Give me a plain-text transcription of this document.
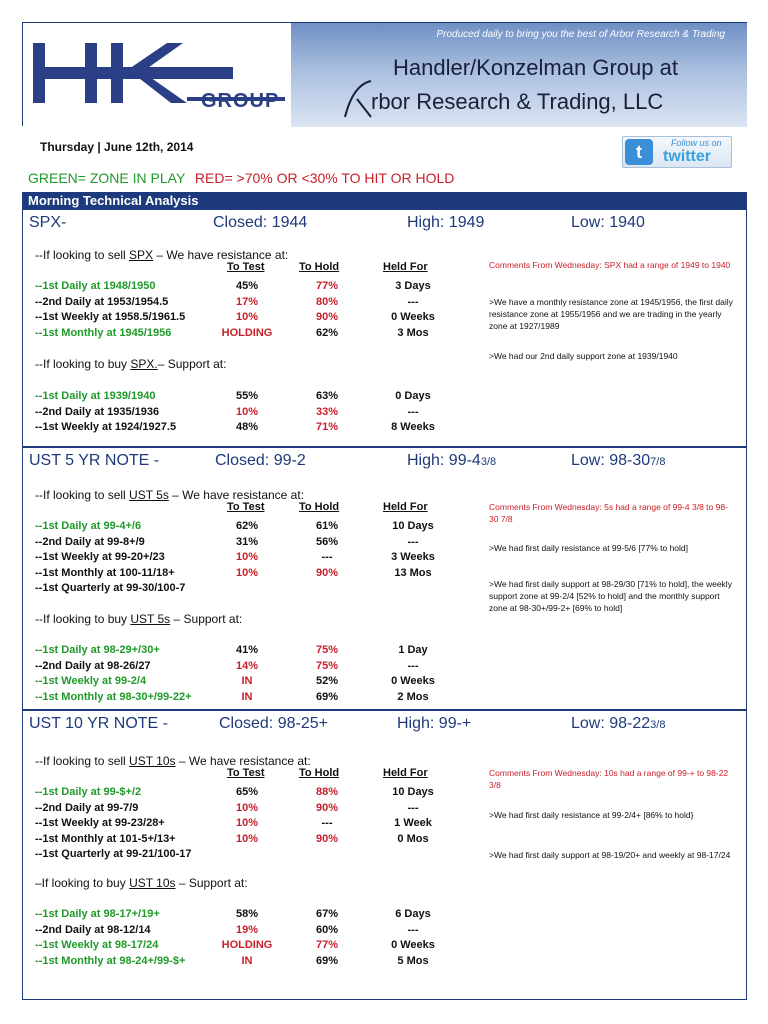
GROUP
Produced daily to bring you the best of Arbor Research & Trading
Handler/Konzelman Group at
rbor Research & Trading, LLC
Thursday | June 12th, 2014	t	Follow us on
twitter
GREEN= ZONE IN PLAY RED= >70% OR <30% TO HIT OR HOLD
Morning Technical Analysis
SPX-	Closed: 1944	High: 1949	Low: 1940
--If looking to sell SPX – We have resistance at:
To Test	To Hold	Held For
--1st Daily at 1948/1950	45%	77%	3 Days
--2nd Daily at 1953/1954.5	17%	80%	---
--1st Weekly at 1958.5/1961.5	10%	90%	0 Weeks
--1st Monthly at 1945/1956	HOLDING	62%	3 Mos
--If looking to buy SPX.– Support at:
--1st Daily at 1939/1940	55%	63%	0 Days
--2nd Daily at 1935/1936	10%	33%	---
--1st Weekly at 1924/1927.5	48%	71%	8 Weeks
Comments From Wednesday: SPX had a range of 1949 to 1940
>We have a monthly resistance zone at 1945/1956, the first daily resistance zone at 1955/1956 and we are trading in the yearly zone at 1927/1989
>We had our 2nd daily support zone at 1939/1940
UST 5 YR NOTE -	Closed: 99-2	High: 99-43/8	Low: 98-307/8
--If looking to sell UST 5s – We have resistance at:
To Test	To Hold	Held For
--1st Daily at 99-4+/6	62%	61%	10 Days
--2nd Daily at 99-8+/9	31%	56%	---
--1st Weekly at 99-20+/23	10%	---	3 Weeks
--1st Monthly at 100-11/18+	10%	90%	13 Mos
--1st Quarterly at 99-30/100-7
--If looking to buy UST 5s – Support at:
--1st Daily at 98-29+/30+	41%	75%	1 Day
--2nd Daily at 98-26/27	14%	75%	---
--1st Weekly at 99-2/4	IN	52%	0 Weeks
--1st Monthly at 98-30+/99-22+	IN	69%	2 Mos
Comments From Wednesday: 5s had a range of 99-4 3/8 to 98-30 7/8
>We had first daily resistance at 99-5/6 [77% to hold]
>We had first daily support at 98-29/30 [71% to hold], the weekly support zone at 99-2/4 [52% to hold] and the monthly support zone at 98-30+/99-2+ [69% to hold]
UST 10 YR NOTE -	Closed: 98-25+	High: 99-+	Low: 98-223/8
--If looking to sell UST 10s – We have resistance at:
To Test	To Hold	Held For
--1st Daily at 99-$+/2	65%	88%	10 Days
--2nd Daily at 99-7/9	10%	90%	---
--1st Weekly at 99-23/28+	10%	---	1 Week
--1st Monthly at 101-5+/13+	10%	90%	0 Mos
--1st Quarterly at 99-21/100-17
–If looking to buy UST 10s – Support at:
--1st Daily at 98-17+/19+	58%	67%	6 Days
--2nd Daily at 98-12/14	19%	60%	---
--1st Weekly at 98-17/24	HOLDING	77%	0 Weeks
--1st Monthly at 98-24+/99-$+	IN	69%	5 Mos
Comments From Wednesday: 10s had a range of 99-+ to 98-22 3/8
>We had first daily resistance at 99-2/4+ [86% to hold}
>We had first daily support at 98-19/20+ and weekly at 98-17/24
